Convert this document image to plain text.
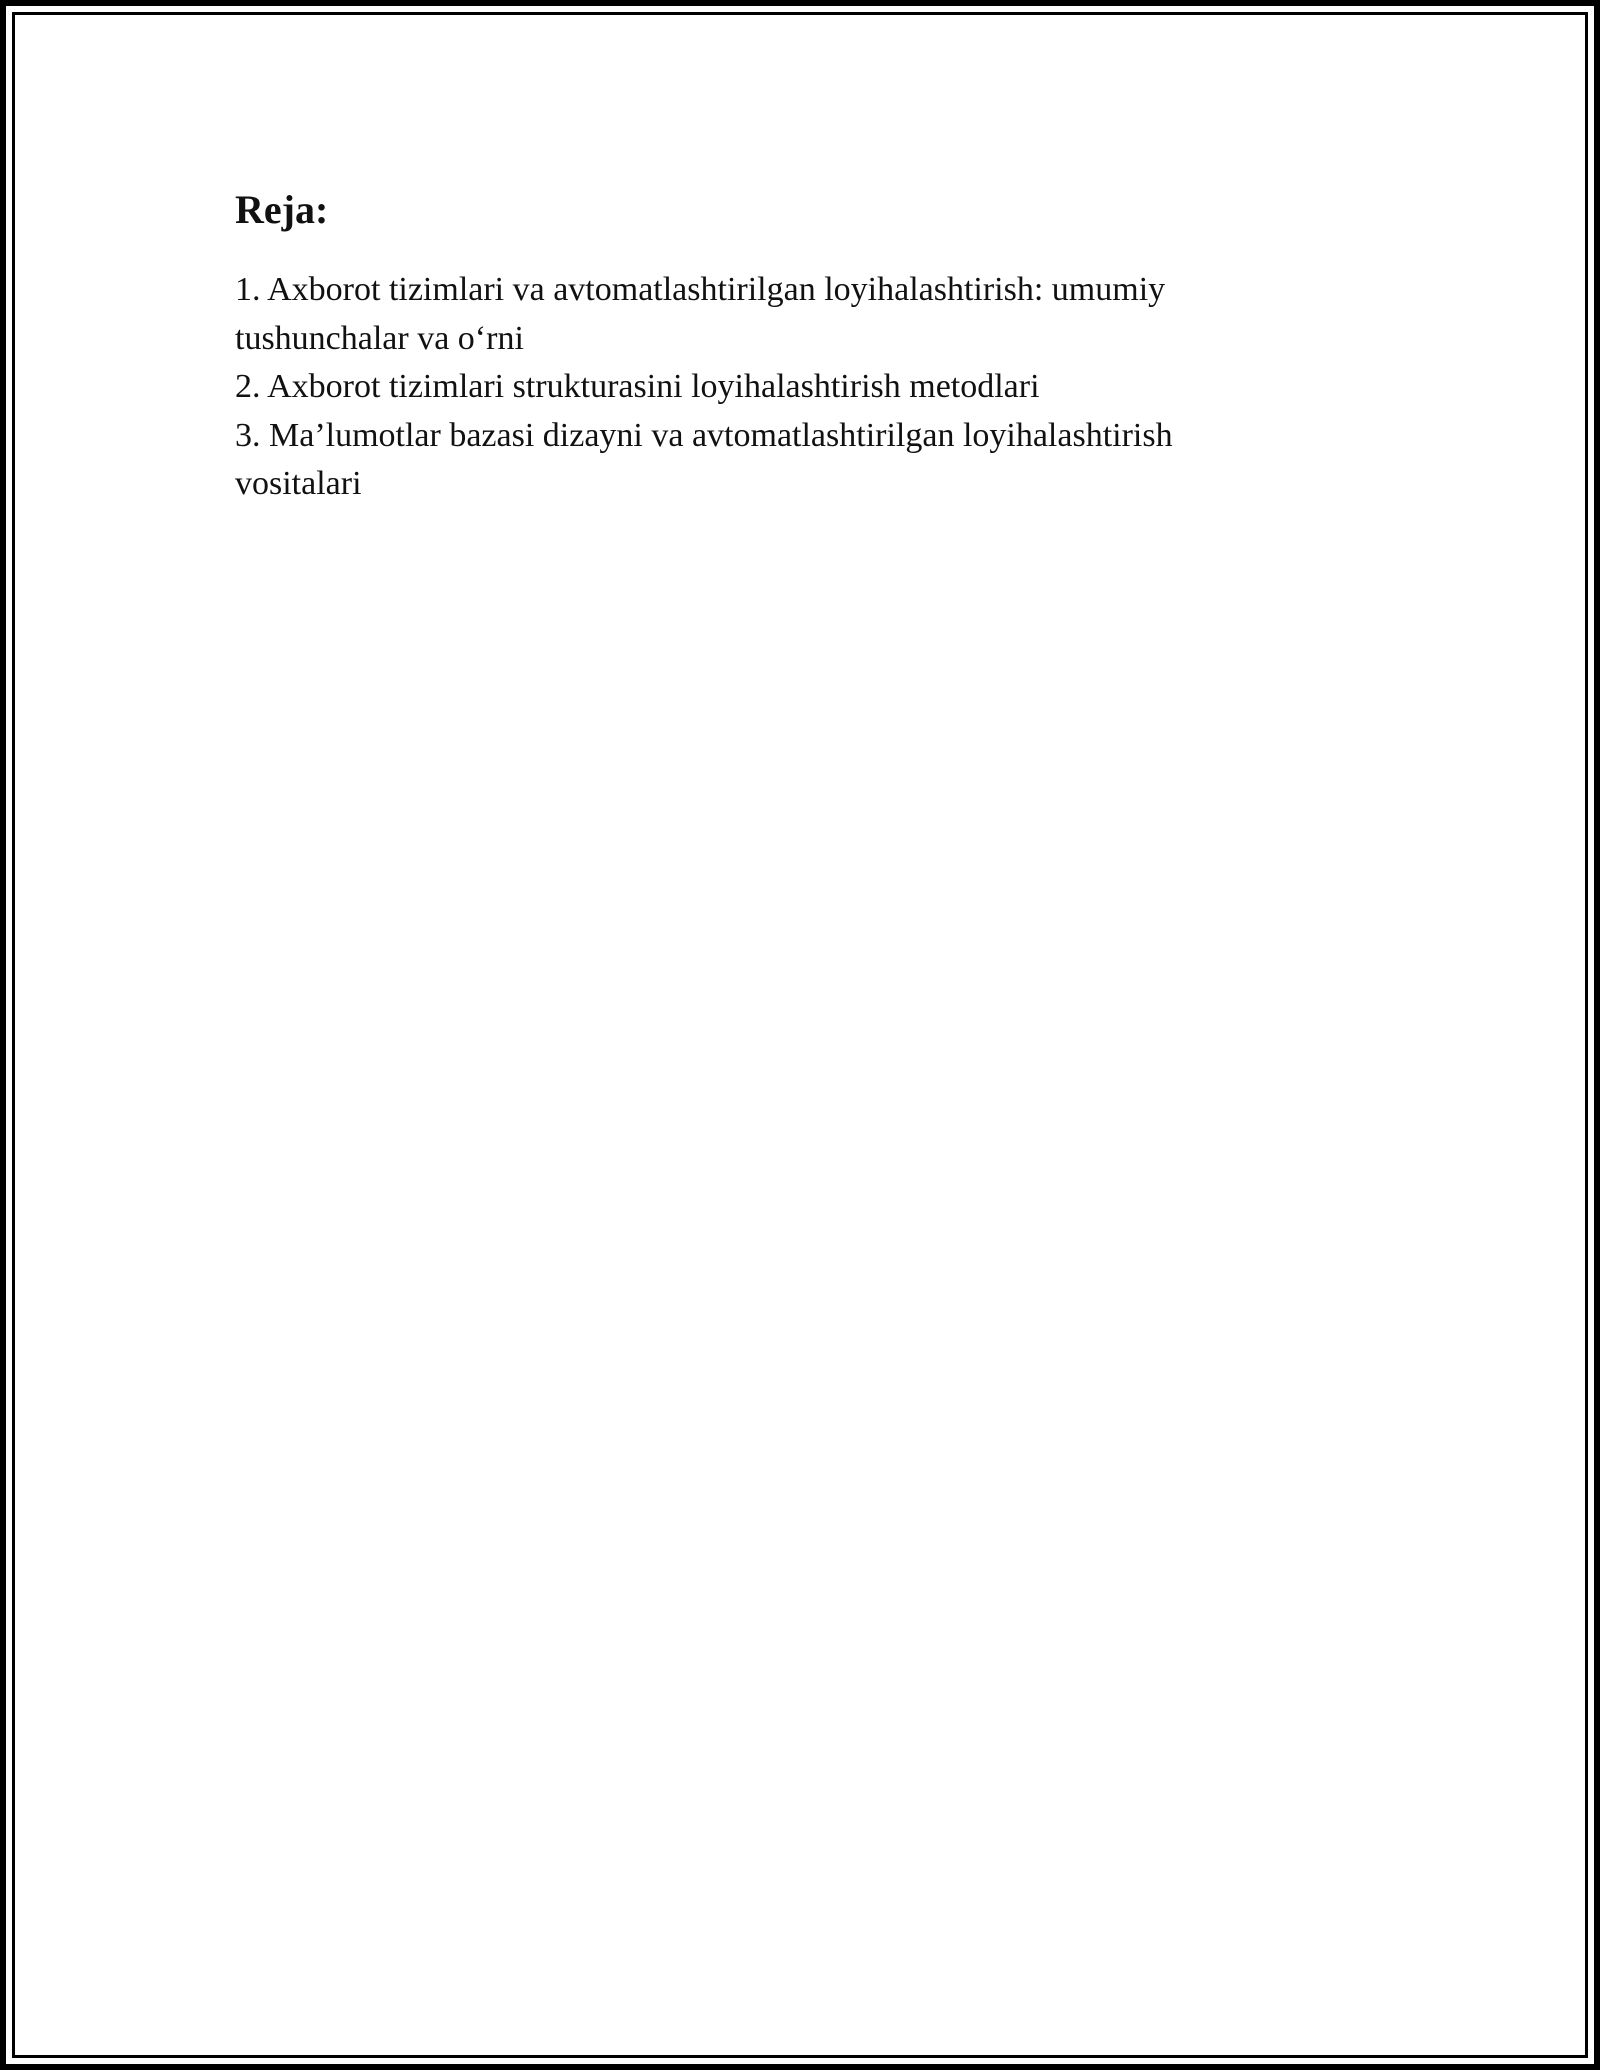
Reja:
1. Axborot tizimlari va avtomatlashtirilgan loyihalashtirish: umumiy tushunchalar va o‘rni
2. Axborot tizimlari strukturasini loyihalashtirish metodlari
3. Ma’lumotlar bazasi dizayni va avtomatlashtirilgan loyihalashtirish vositalari
